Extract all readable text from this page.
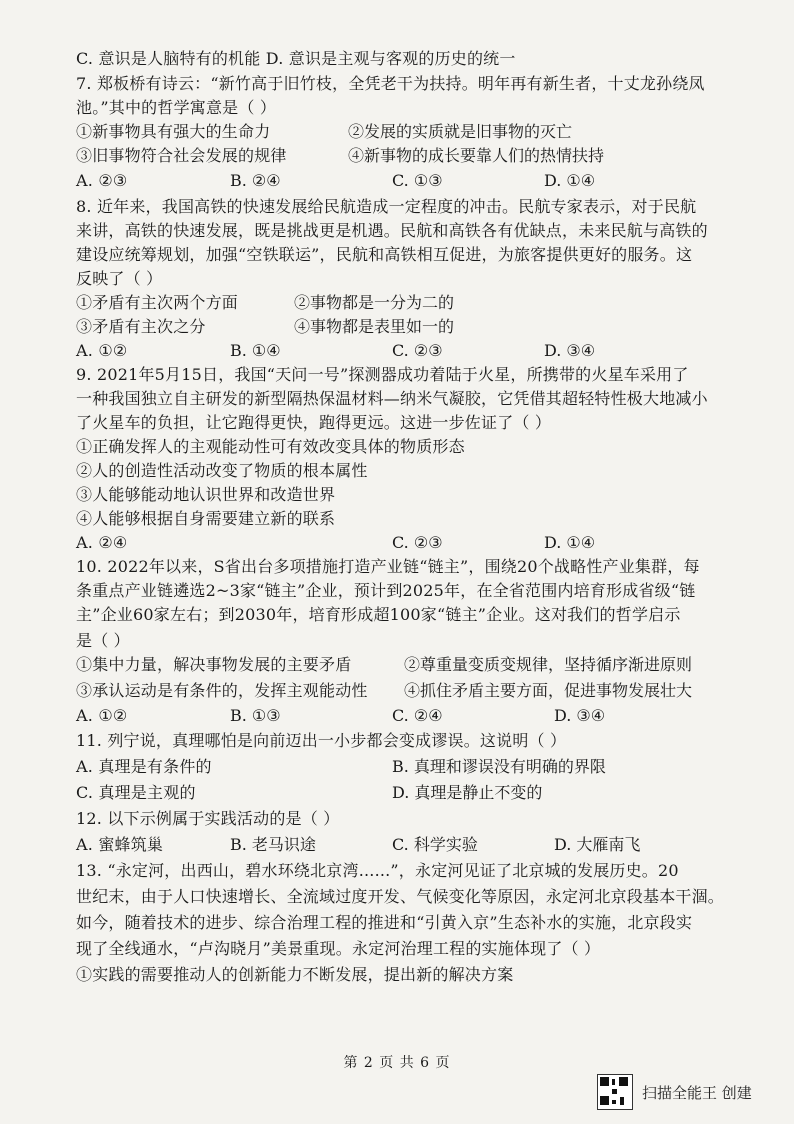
C. 意识是人脑特有的机能 D. 意识是主观与客观的历史的统一
7. 郑板桥有诗云：“新竹高于旧竹枝，全凭老干为扶持。明年再有新生者，十丈龙孙绕凤
池。”其中的哲学寓意是（ ）
①新事物具有强大的生命力	②发展的实质就是旧事物的灭亡
③旧事物符合社会发展的规律	④新事物的成长要靠人们的热情扶持
A. ②③	B. ②④	C. ①③	D. ①④
8. 近年来，我国高铁的快速发展给民航造成一定程度的冲击。民航专家表示，对于民航
来讲，高铁的快速发展，既是挑战更是机遇。民航和高铁各有优缺点，未来民航与高铁的
建设应统筹规划，加强“空铁联运”，民航和高铁相互促进，为旅客提供更好的服务。这
反映了（ ）
①矛盾有主次两个方面	②事物都是一分为二的
③矛盾有主次之分	④事物都是表里如一的
A. ①②	B. ①④	C. ②③	D. ③④
9. 2021年5月15日，我国“天问一号”探测器成功着陆于火星，所携带的火星车采用了
一种我国独立自主研发的新型隔热保温材料—纳米气凝胶，它凭借其超轻特性极大地减小
了火星车的负担，让它跑得更快，跑得更远。这进一步佐证了（ ）
①正确发挥人的主观能动性可有效改变具体的物质形态
②人的创造性活动改变了物质的根本属性
③人能够能动地认识世界和改造世界
④人能够根据自身需要建立新的联系
A. ②④	C. ②③	D. ①④
10. 2022年以来，S省出台多项措施打造产业链“链主”，围绕20个战略性产业集群，每
条重点产业链遴选2~3家“链主”企业，预计到2025年，在全省范围内培育形成省级“链
主”企业60家左右；到2030年，培育形成超100家“链主”企业。这对我们的哲学启示
是（ ）
①集中力量，解决事物发展的主要矛盾	②尊重量变质变规律，坚持循序渐进原则
③承认运动是有条件的，发挥主观能动性	④抓住矛盾主要方面，促进事物发展壮大
A. ①②	B. ①③	C. ②④	D. ③④
11. 列宁说，真理哪怕是向前迈出一小步都会变成谬误。这说明（ ）
A. 真理是有条件的	B. 真理和谬误没有明确的界限
C. 真理是主观的	D. 真理是静止不变的
12. 以下示例属于实践活动的是（ ）
A. 蜜蜂筑巢	B. 老马识途	C. 科学实验	D. 大雁南飞
13. “永定河，出西山，碧水环绕北京湾......”，永定河见证了北京城的发展历史。20
世纪末，由于人口快速增长、全流域过度开发、气候变化等原因，永定河北京段基本干涸。
如今，随着技术的进步、综合治理工程的推进和“引黄入京”生态补水的实施，北京段实
现了全线通水，“卢沟晓月”美景重现。永定河治理工程的实施体现了（ ）
①实践的需要推动人的创新能力不断发展，提出新的解决方案
第 2 页 共 6 页
扫描全能王 创建
